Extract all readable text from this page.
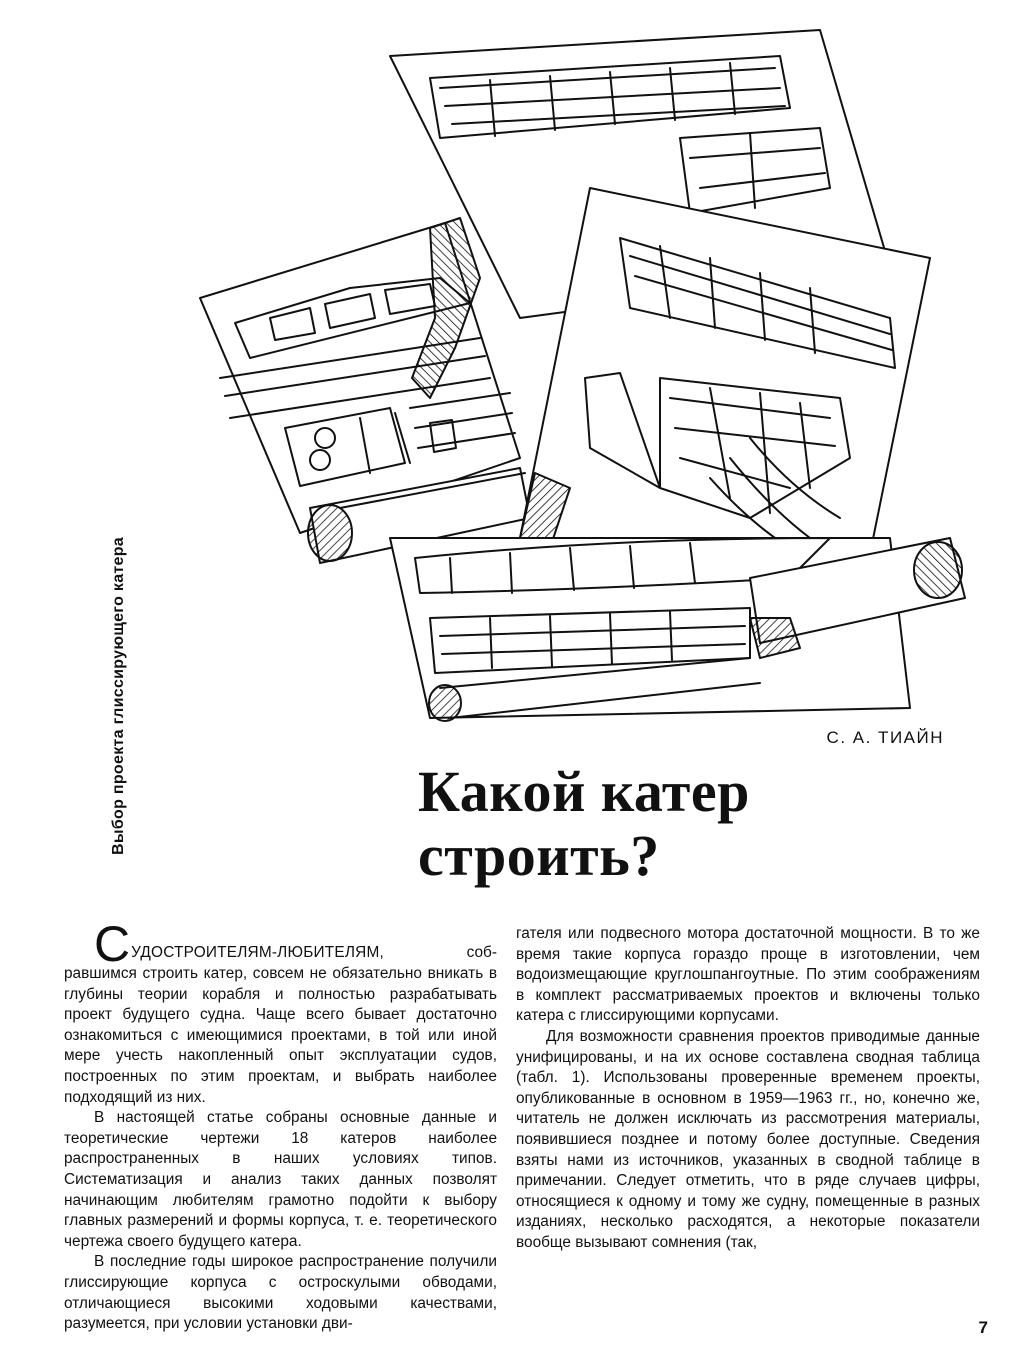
Выбор проекта глиссирующего катера	С. А. ТИАЙН
Какой катер строить?
С УДОСТРОИТЕЛЯМ-ЛЮБИТЕЛЯМ,	соб-

равшимся строить катер, совсем не обязательно вникать в глубины теории корабля и полностью разрабатывать проект будущего судна. Чаще всего бывает достаточно ознакомиться с имеющимися проектами, в той или иной мере учесть накопленный опыт эксплуатации судов, построенных по этим проектам, и выбрать наиболее подходящий из них.

В настоящей статье собраны основные данные и теоретические чертежи 18 катеров наиболее распространенных в наших условиях типов. Систематизация и анализ таких данных позволят начинающим любителям грамотно подойти к выбору главных размерений и формы корпуса, т. е. теоретического чертежа своего будущего катера.

В последние годы широкое распространение получили глиссирующие корпуса с остроскулыми обводами, отличающиеся высокими ходовыми качествами, разумеется, при условии установки дви-

гателя или подвесного мотора достаточной мощности. В то же время такие корпуса гораздо проще в изготовлении, чем водоизмещающие круглошпангоутные. По этим соображениям в комплект рассматриваемых проектов и включены только катера с глиссирующими корпусами.

Для возможности сравнения проектов приводимые данные унифицированы, и на их основе составлена сводная таблица (табл. 1). Использованы проверенные временем проекты, опубликованные в основном в 1959—1963 гг., но, конечно же, читатель не должен исключать из рассмотрения материалы, появившиеся позднее и потому более доступные. Сведения взяты нами из источников, указанных в сводной таблице в примечании. Следует отметить, что в ряде случаев цифры, относящиеся к одному и тому же судну, помещенные в разных изданиях, несколько расходятся, а некоторые показатели вообще вызывают сомнения (так,

7
